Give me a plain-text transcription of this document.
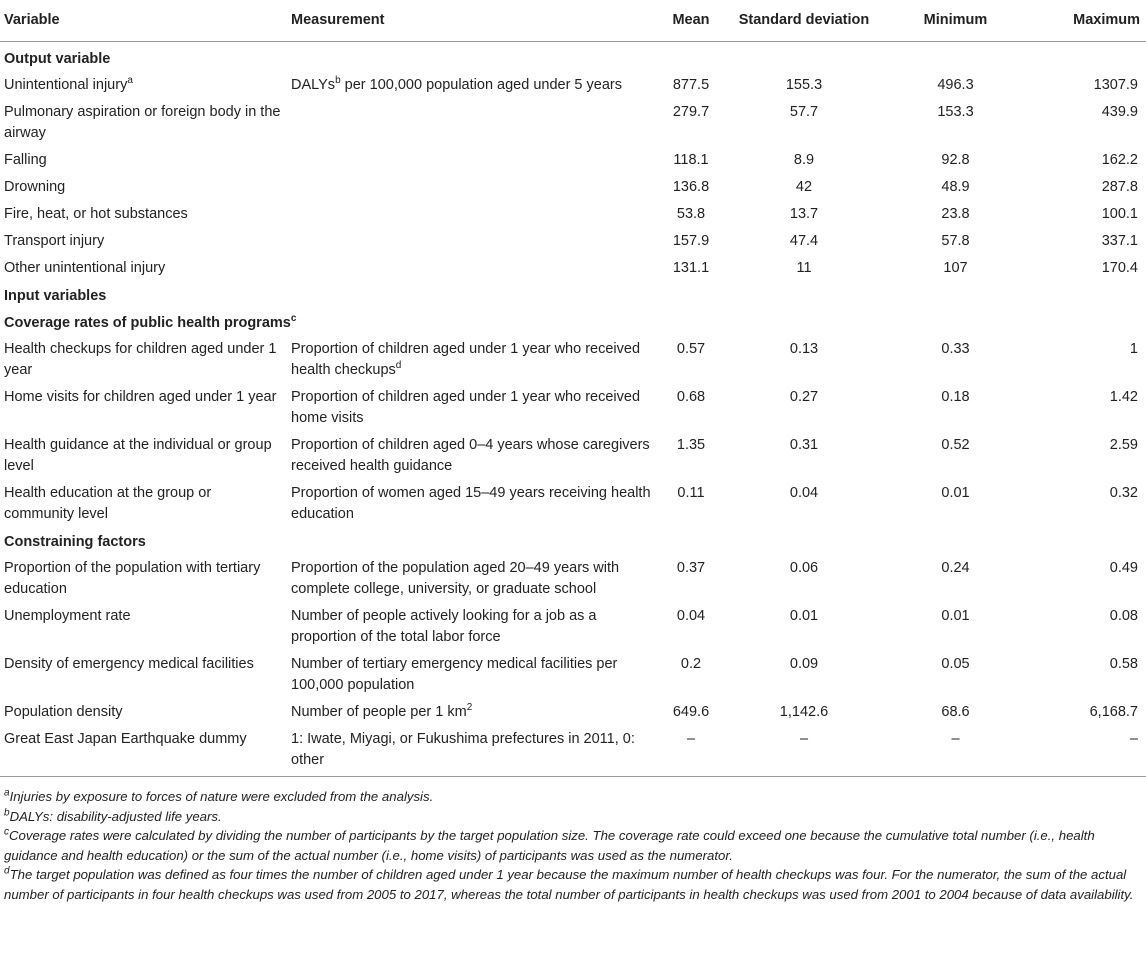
Variable	Measurement	Mean	Standard deviation	Minimum	Maximum
Output variable					
Unintentional injury$^a$	DALYs$^b$ per 100,000 population aged under 5 years	877.5	155.3	496.3	1307.9
Pulmonary aspiration or foreign body in the airway		279.7	57.7	153.3	439.9
Falling		118.1	8.9	92.8	162.2
Drowning		136.8	42	48.9	287.8
Fire, heat, or hot substances		53.8	13.7	23.8	100.1
Transport injury		157.9	47.4	57.8	337.1
Other unintentional injury		131.1	11	107	170.4
Input variables					
Coverage rates of public health programs$^c$
Health checkups for children aged under 1 year	Proportion of children aged under 1 year who received health checkups$^d$	0.57	0.13	0.33	1
Home visits for children aged under 1 year	Proportion of children aged under 1 year who received home visits	0.68	0.27	0.18	1.42
Health guidance at the individual or group level	Proportion of children aged 0–4 years whose caregivers received health guidance	1.35	0.31	0.52	2.59
Health education at the group or community level	Proportion of women aged 15–49 years receiving health education	0.11	0.04	0.01	0.32
Constraining factors					
Proportion of the population with tertiary education	Proportion of the population aged 20–49 years with complete college, university, or graduate school	0.37	0.06	0.24	0.49
Unemployment rate	Number of people actively looking for a job as a proportion of the total labor force	0.04	0.01	0.01	0.08
Density of emergency medical facilities	Number of tertiary emergency medical facilities per 100,000 population	0.2	0.09	0.05	0.58
Population density	Number of people per 1 $km^2$	649.6	1,142.6	68.6	6,168.7
Great East Japan Earthquake dummy	1: Iwate, Miyagi, or Fukushima prefectures in 2011, 0: other	–	–	–	–

$^a$Injuries by exposure to forces of nature were excluded from the analysis.

$^b$DALYs: disability-adjusted life years.

$^c$Coverage rates were calculated by dividing the number of participants by the target population size. The coverage rate could exceed one because the cumulative total number (i.e., health guidance and health education) or the sum of the actual number (i.e., home visits) of participants was used as the numerator.

$^d$The target population was defined as four times the number of children aged under 1 year because the maximum number of health checkups was four. For the numerator, the sum of the actual number of participants in four health checkups was used from 2005 to 2017, whereas the total number of participants in health checkups was used from 2001 to 2004 because of data availability.
